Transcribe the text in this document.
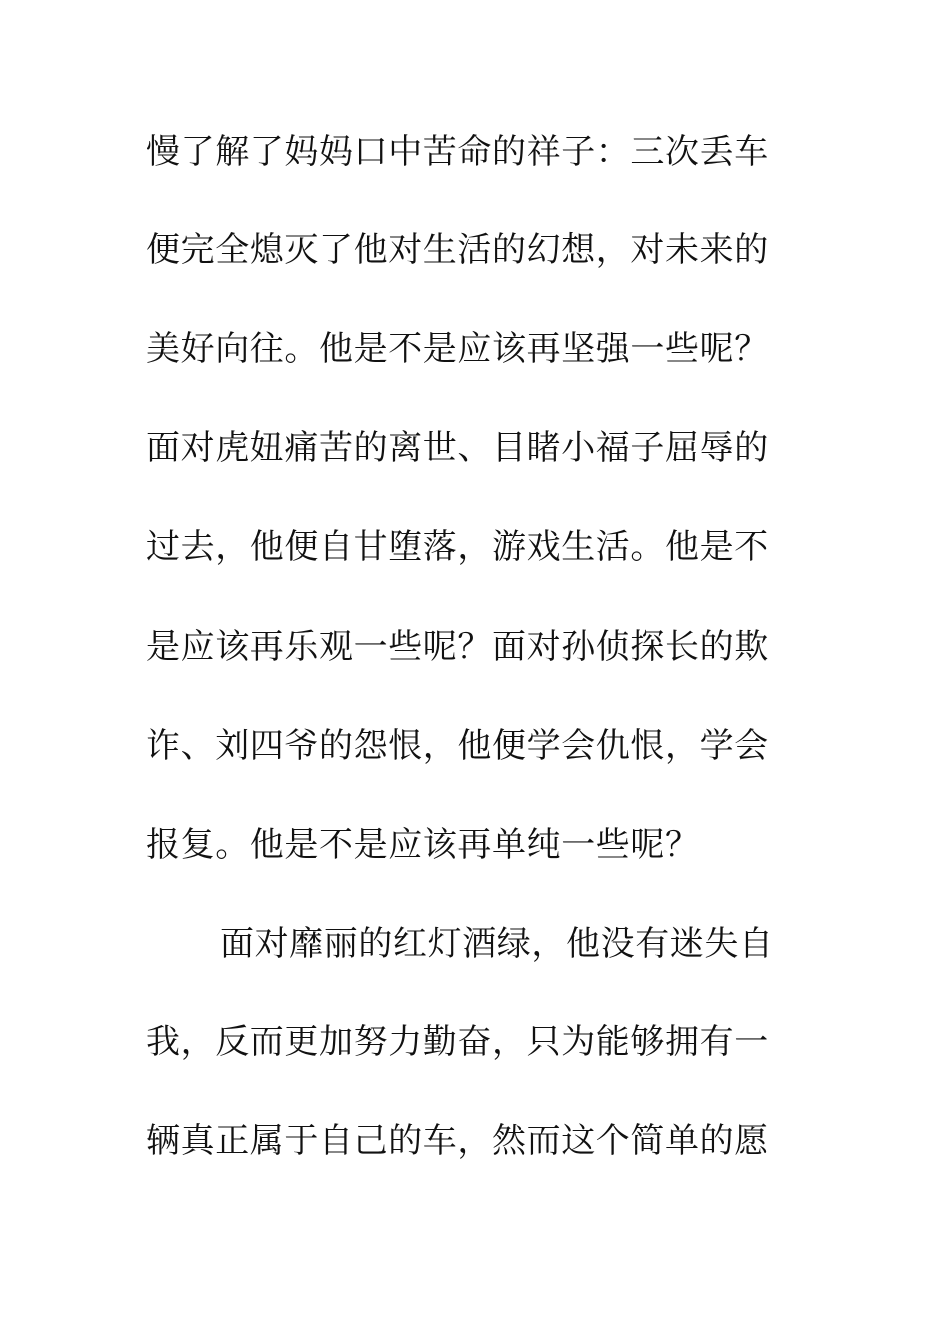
慢了解了妈妈口中苦命的祥子：三次丢车
便完全熄灭了他对生活的幻想，对未来的
美好向往。他是不是应该再坚强一些呢？
面对虎妞痛苦的离世、目睹小福子屈辱的
过去，他便自甘堕落，游戏生活。他是不
是应该再乐观一些呢？面对孙侦探长的欺
诈、刘四爷的怨恨，他便学会仇恨，学会
报复。他是不是应该再单纯一些呢？
面对靡丽的红灯酒绿，他没有迷失自
我，反而更加努力勤奋，只为能够拥有一
辆真正属于自己的车，然而这个简单的愿
